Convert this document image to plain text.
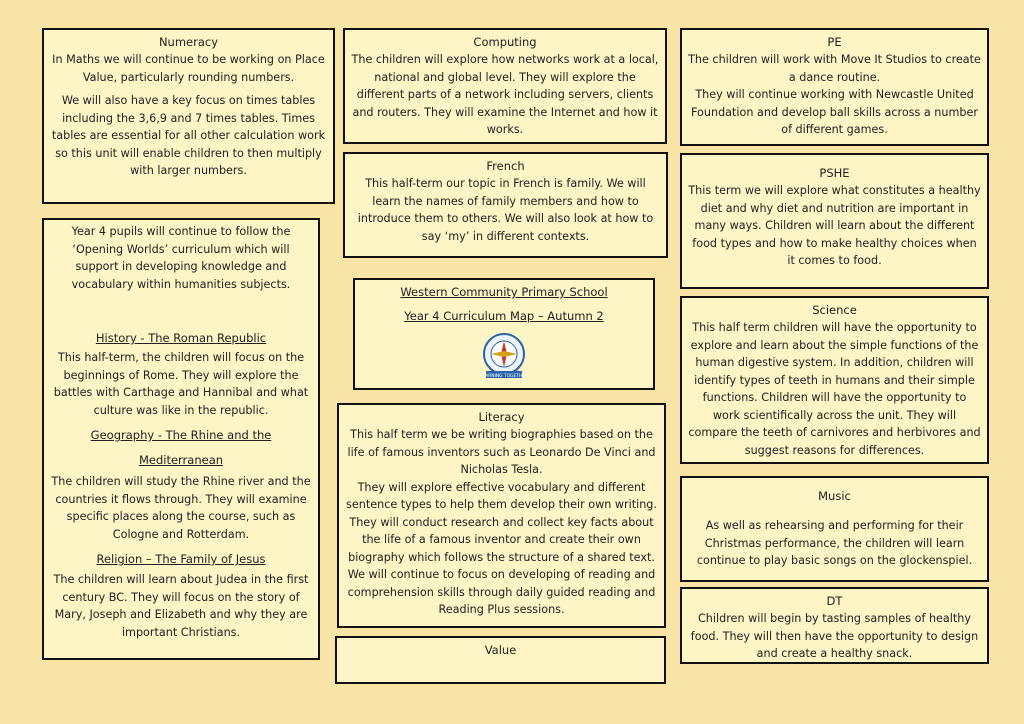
Numeracy

In Maths we will continue to be working on Place Value, particularly rounding numbers.

We will also have a key focus on times tables including the 3,6,9 and 7 times tables. Times tables are essential for all other calculation work so this unit will enable children to then multiply with larger numbers.

Computing

The children will explore how networks work at a local, national and global level. They will explore the different parts of a network including servers, clients and routers. They will examine the Internet and how it works.

PE

The children will work with Move It Studios to create a dance routine.

They will continue working with Newcastle United Foundation and develop ball skills across a number of different games.

French

This half-term our topic in French is family. We will learn the names of family members and how to introduce them to others. We will also look at how to say ‘my’ in different contexts.

PSHE

This term we will explore what constitutes a healthy diet and why diet and nutrition are important in many ways. Children will learn about the different food types and how to make healthy choices when it comes to food.

Year 4 pupils will continue to follow the ‘Opening Worlds’ curriculum which will support in developing knowledge and vocabulary within humanities subjects.

History - The Roman Republic

This half-term, the children will focus on the beginnings of Rome. They will explore the battles with Carthage and Hannibal and what culture was like in the republic.

Geography - The Rhine and the

Mediterranean

The children will study the Rhine river and the countries it flows through. They will examine specific places along the course, such as Cologne and Rotterdam.

Religion – The Family of Jesus

The children will learn about Judea in the first century BC. They will focus on the story of Mary, Joseph and Elizabeth and why they are important Christians.

Western Community Primary School

Year 4 Curriculum Map – Autumn 2

LEARNING TOGETHER
Science

This half term children will have the opportunity to explore and learn about the simple functions of the human digestive system. In addition, children will identify types of teeth in humans and their simple functions. Children will have the opportunity to work scientifically across the unit. They will compare the teeth of carnivores and herbivores and suggest reasons for differences.

Literacy

This half term we be writing biographies based on the life of famous inventors such as Leonardo De Vinci and Nicholas Tesla.

They will explore effective vocabulary and different sentence types to help them develop their own writing. They will conduct research and collect key facts about the life of a famous inventor and create their own biography which follows the structure of a shared text.

We will continue to focus on developing of reading and comprehension skills through daily guided reading and Reading Plus sessions.

Music

As well as rehearsing and performing for their Christmas performance, the children will learn continue to play basic songs on the glockenspiel.

Value
DT

Children will begin by tasting samples of healthy food. They will then have the opportunity to design and create a healthy snack.
